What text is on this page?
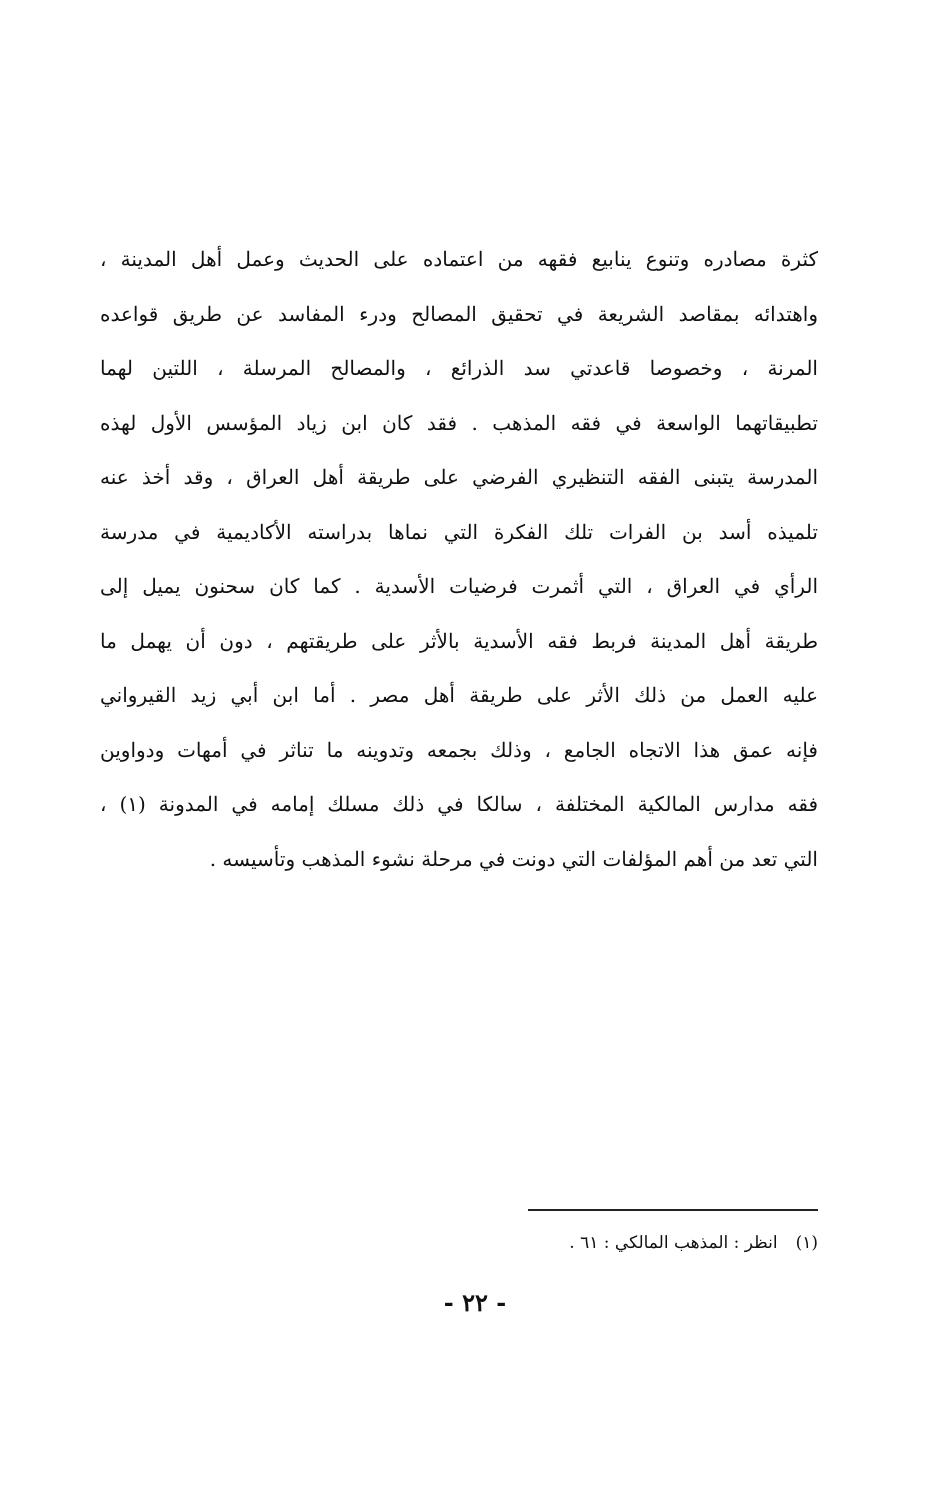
كثرة مصادره وتنوع ينابيع فقهه من اعتماده على الحديث وعمل أهل المدينة ،
واهتدائه بمقاصد الشريعة في تحقيق المصالح ودرء المفاسد عن طريق قواعده
المرنة ، وخصوصا قاعدتي سد الذرائع ، والمصالح المرسلة ، اللتين لهما
تطبيقاتهما الواسعة في فقه المذهب . فقد كان ابن زياد المؤسس الأول لهذه
المدرسة يتبنى الفقه التنظيري الفرضي على طريقة أهل العراق ، وقد أخذ عنه
تلميذه أسد بن الفرات تلك الفكرة التي نماها بدراسته الأكاديمية في مدرسة
الرأي في العراق ، التي أثمرت فرضيات الأسدية . كما كان سحنون يميل إلى
طريقة أهل المدينة فربط فقه الأسدية بالأثر على طريقتهم ، دون أن يهمل ما
عليه العمل من ذلك الأثر على طريقة أهل مصر . أما ابن أبي زيد القيرواني
فإنه عمق هذا الاتجاه الجامع ، وذلك بجمعه وتدوينه ما تناثر في أمهات ودواوين
فقه مدارس المالكية المختلفة ، سالكا في ذلك مسلك إمامه في المدونة (١) ،
التي تعد من أهم المؤلفات التي دونت في مرحلة نشوء المذهب وتأسيسه .
(١)انظر : المذهب المالكي : ٦١ .
- ٢٢ -
